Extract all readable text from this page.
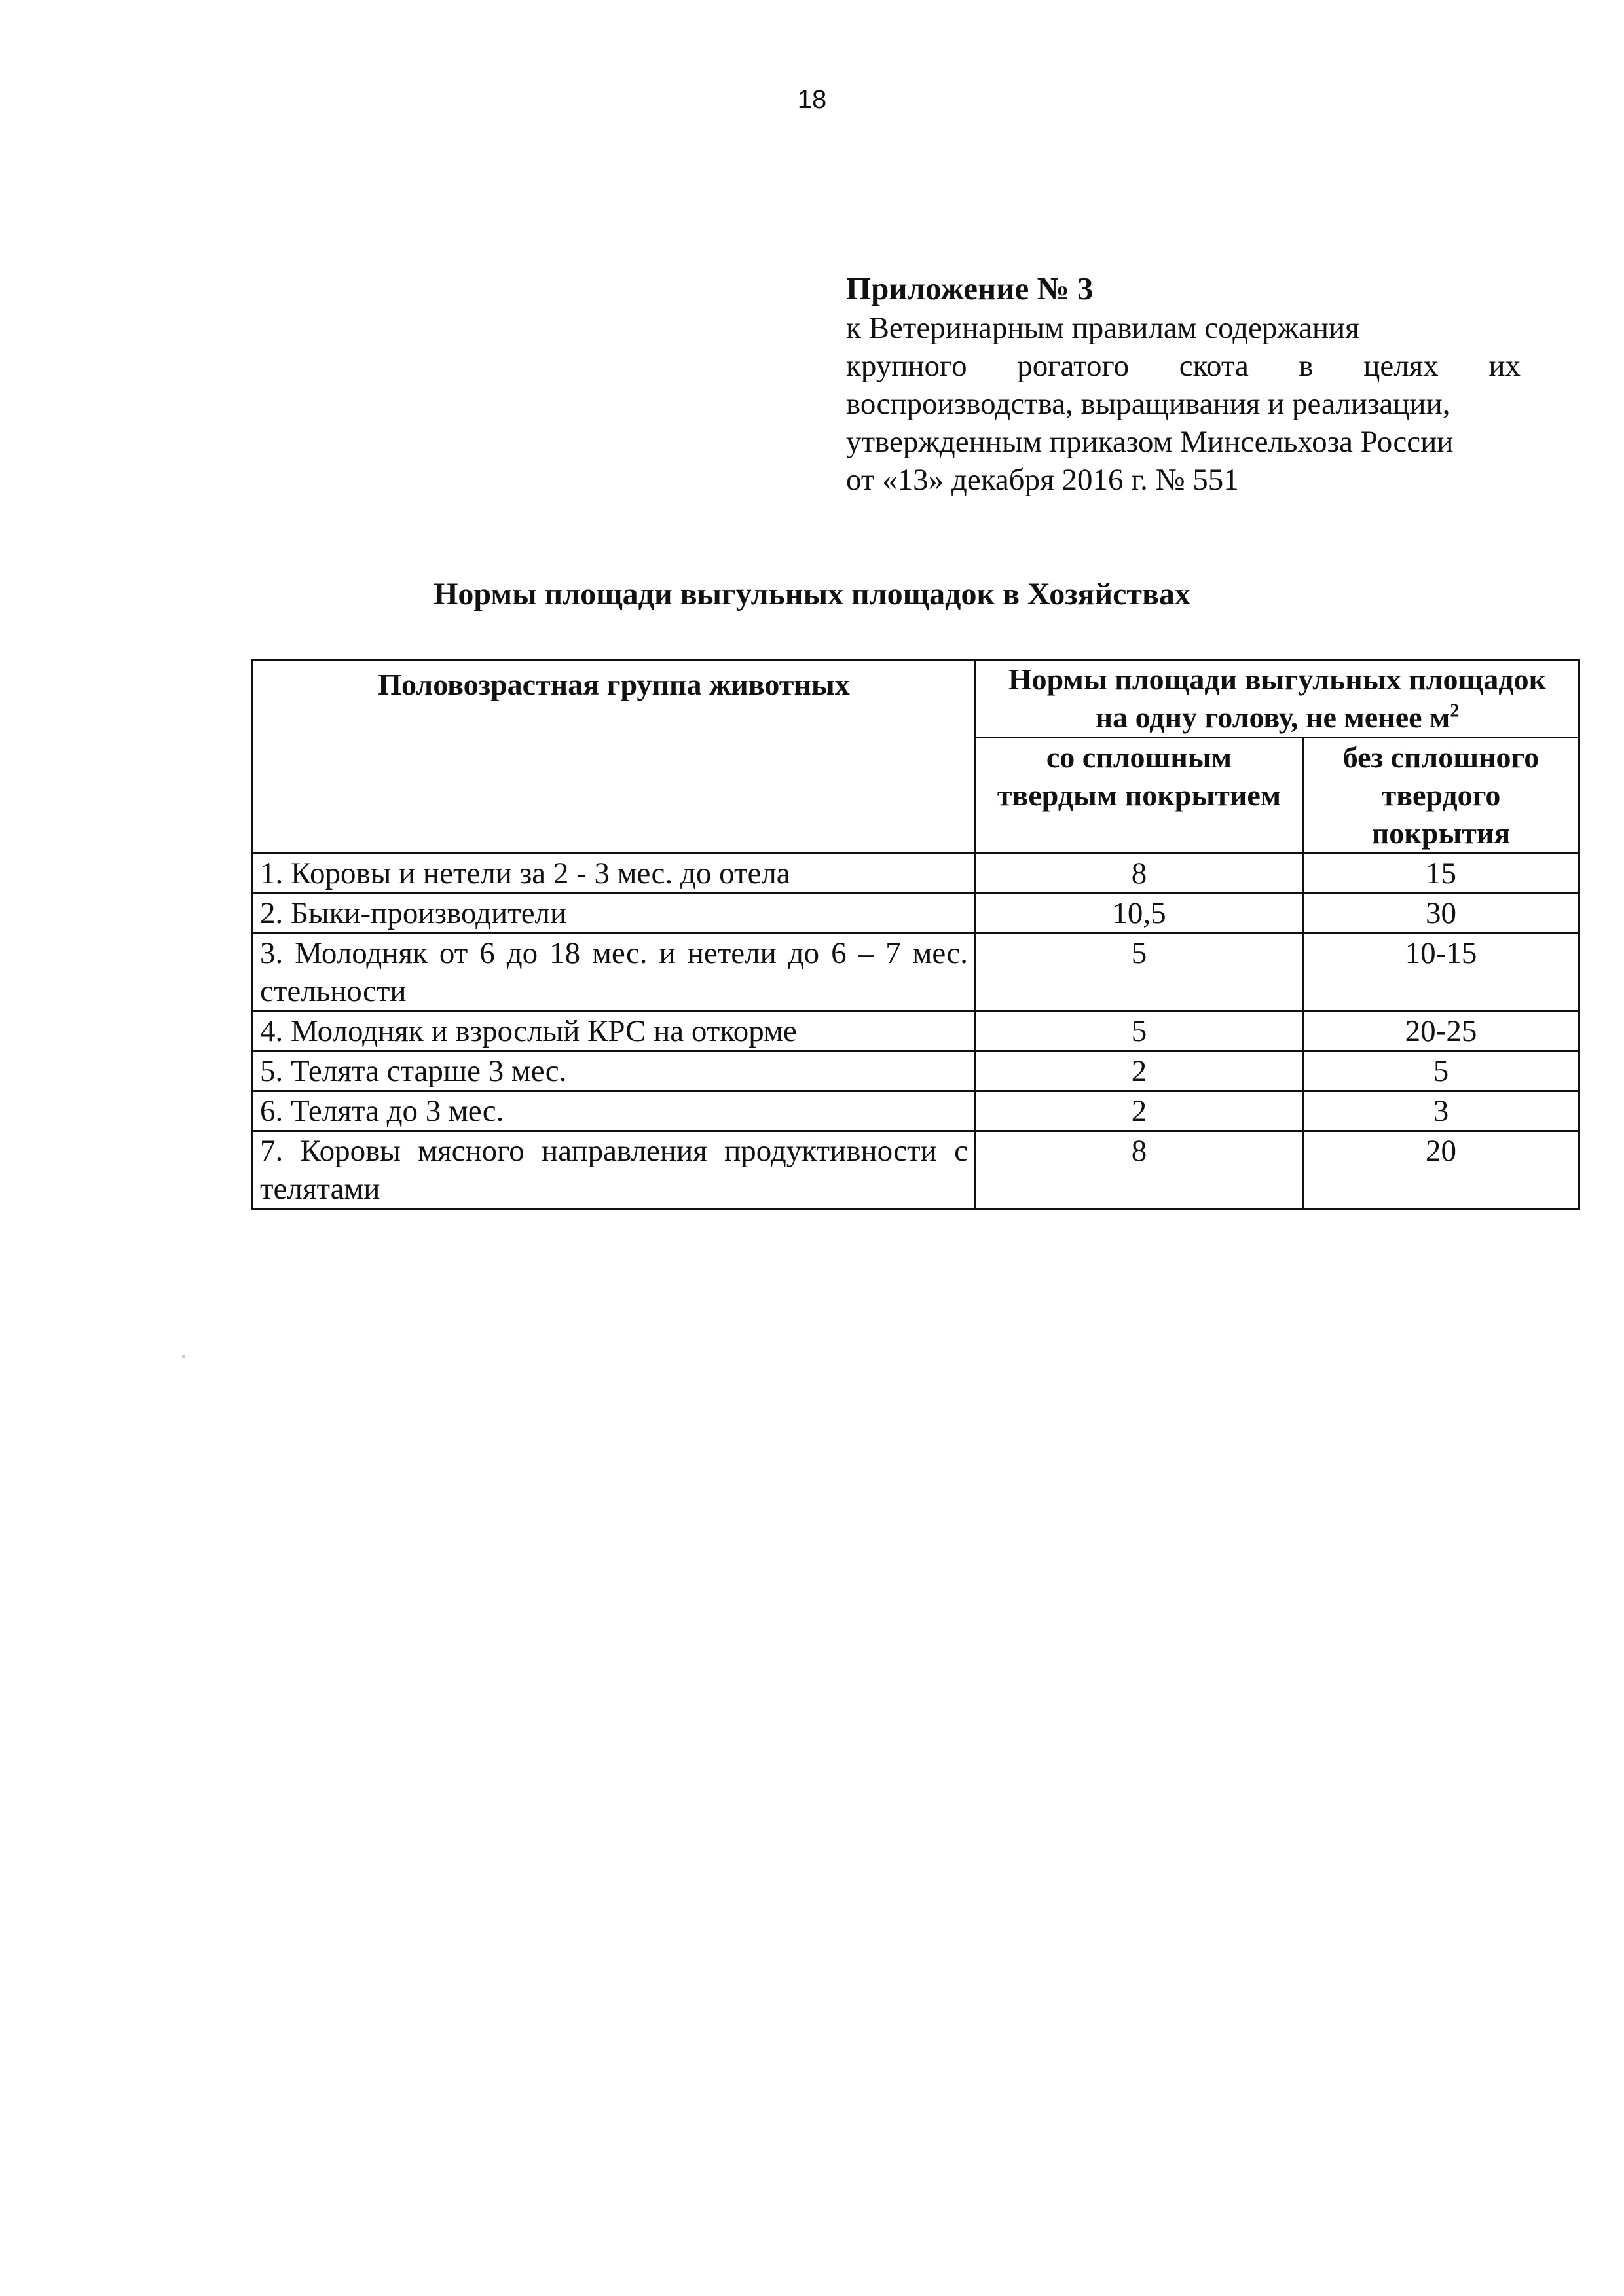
18
Приложение № 3
к Ветеринарным правилам содержания
крупного рогатого скота в целях их
воспроизводства, выращивания и реализации,
утвержденным приказом Минсельхоза России
от «13» декабря 2016 г. № 551
Нормы площади выгульных площадок в Хозяйствах
Половозрастная группа животных	Нормы площади выгульных площадок
на одну голову, не менее $м^2$

	со сплошным твердым покрытием	без сплошного твердого покрытия
1. Коровы и нетели за 2 - 3 мес. до отела	8	15
2. Быки-производители	10,5	30
3. Молодняк от 6 до 18 мес. и нетели до 6 – 7 мес. стельности	5	10-15
4. Молодняк и взрослый КРС на откорме	5	20-25
5. Телята старше 3 мес.	2	5
6. Телята до 3 мес.	2	3
7. Коровы мясного направления продуктивности с телятами	8	20
